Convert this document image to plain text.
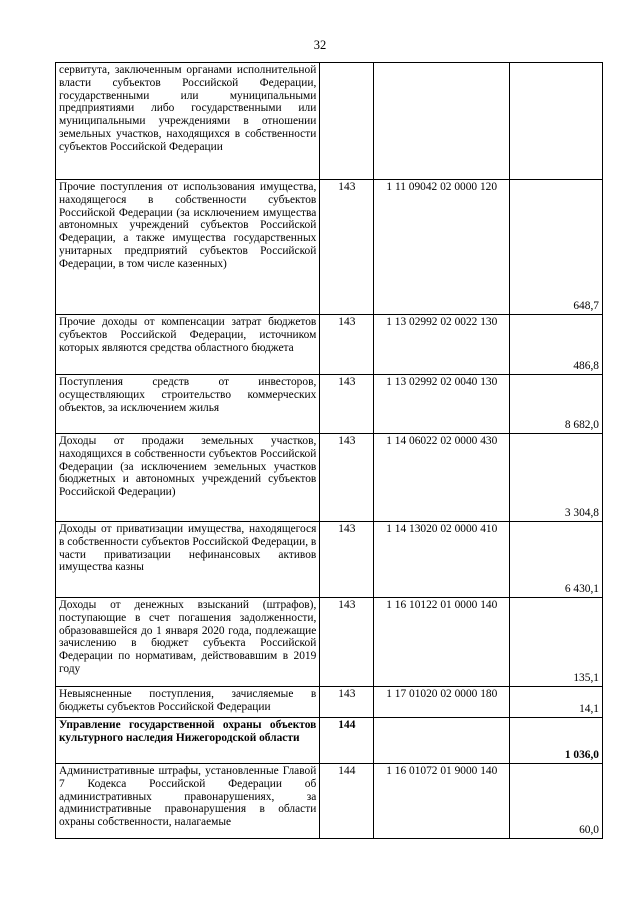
32
сервитута, заключенным органами исполнительной власти субъектов Российской Федерации, государственными или муниципальными предприятиями либо государственными или муниципальными учреждениями в отношении земельных участков, находящихся в собственности субъектов Российской Федерации			
Прочие поступления от использования имущества, находящегося в собственности субъектов Российской Федерации (за исключением имущества автономных учреждений субъектов Российской Федерации, а также имущества государственных унитарных предприятий субъектов Российской Федерации, в том числе казенных)	143	1 11 09042 02 0000 120	648,7
Прочие доходы от компенсации затрат бюджетов субъектов Российской Федерации, источником которых являются средства областного бюджета	143	1 13 02992 02 0022 130	486,8
Поступления средств от инвесторов, осуществляющих строительство коммерческих объектов, за исключением жилья	143	1 13 02992 02 0040 130	8 682,0
Доходы от продажи земельных участков, находящихся в собственности субъектов Российской Федерации (за исключением земельных участков бюджетных и автономных учреждений субъектов Российской Федерации)	143	1 14 06022 02 0000 430	3 304,8
Доходы от приватизации имущества, находящегося в собственности субъектов Российской Федерации, в части приватизации нефинансовых активов имущества казны	143	1 14 13020 02 0000 410	6 430,1
Доходы от денежных взысканий (штрафов), поступающие в счет погашения задолженности, образовавшейся до 1 января 2020 года, подлежащие зачислению в бюджет субъекта Российской Федерации по нормативам, действовавшим в 2019 году	143	1 16 10122 01 0000 140	135,1
Невыясненные поступления, зачисляемые в бюджеты субъектов Российской Федерации	143	1 17 01020 02 0000 180	14,1
Управление государственной охраны объектов культурного наследия Нижегородской области	144		1 036,0
Административные штрафы, установленные Главой 7 Кодекса Российской Федерации об административных правонарушениях, за административные правонарушения в области охраны собственности, налагаемые	144	1 16 01072 01 9000 140	60,0
